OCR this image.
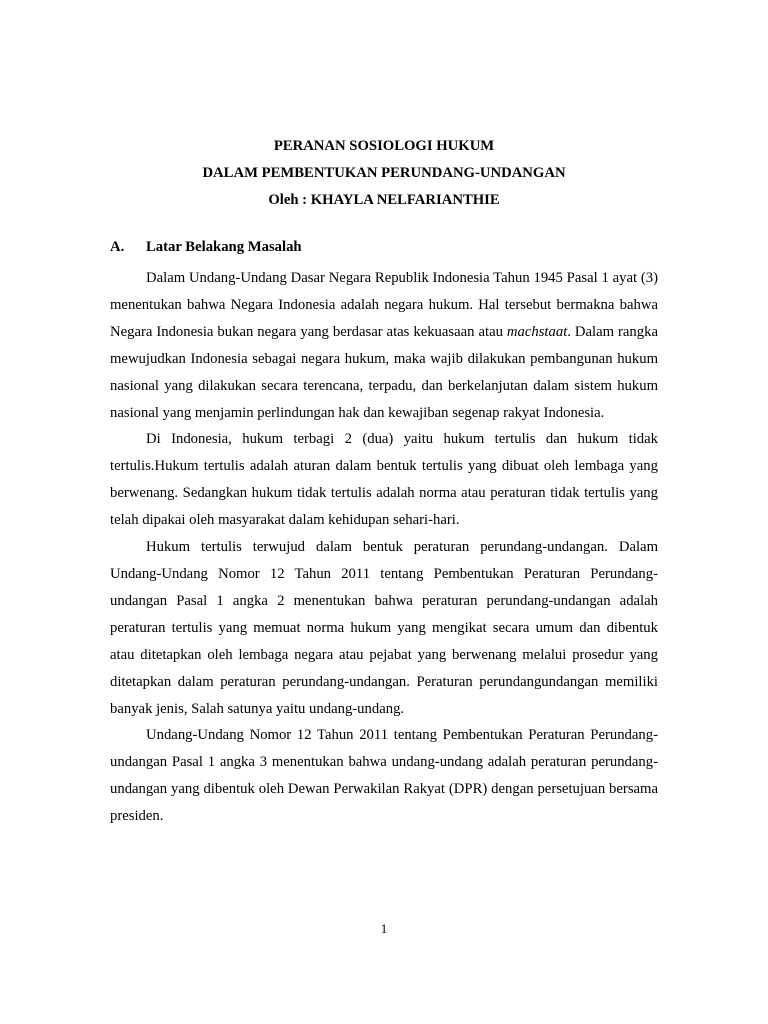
PERANAN SOSIOLOGI HUKUM
DALAM PEMBENTUKAN PERUNDANG-UNDANGAN
Oleh : KHAYLA NELFARIANTHIE
A. Latar Belakang Masalah

Dalam Undang-Undang Dasar Negara Republik Indonesia Tahun 1945 Pasal 1 ayat (3) menentukan bahwa Negara Indonesia adalah negara hukum. Hal tersebut bermakna bahwa Negara Indonesia bukan negara yang berdasar atas kekuasaan atau machstaat. Dalam rangka mewujudkan Indonesia sebagai negara hukum, maka wajib dilakukan pembangunan hukum nasional yang dilakukan secara terencana, terpadu, dan berkelanjutan dalam sistem hukum nasional yang menjamin perlindungan hak dan kewajiban segenap rakyat Indonesia.

Di Indonesia, hukum terbagi 2 (dua) yaitu hukum tertulis dan hukum tidak tertulis.Hukum tertulis adalah aturan dalam bentuk tertulis yang dibuat oleh lembaga yang berwenang. Sedangkan hukum tidak tertulis adalah norma atau peraturan tidak tertulis yang telah dipakai oleh masyarakat dalam kehidupan sehari-hari.

Hukum tertulis terwujud dalam bentuk peraturan perundang-undangan. Dalam Undang-Undang Nomor 12 Tahun 2011 tentang Pembentukan Peraturan Perundang-undangan Pasal 1 angka 2 menentukan bahwa peraturan perundang-undangan adalah peraturan tertulis yang memuat norma hukum yang mengikat secara umum dan dibentuk atau ditetapkan oleh lembaga negara atau pejabat yang berwenang melalui prosedur yang ditetapkan dalam peraturan perundang-undangan. Peraturan perundangundangan memiliki banyak jenis, Salah satunya yaitu undang-undang.

Undang-Undang Nomor 12 Tahun 2011 tentang Pembentukan Peraturan Perundang-undangan Pasal 1 angka 3 menentukan bahwa undang-undang adalah peraturan perundang-undangan yang dibentuk oleh Dewan Perwakilan Rakyat (DPR) dengan persetujuan bersama presiden.

1
